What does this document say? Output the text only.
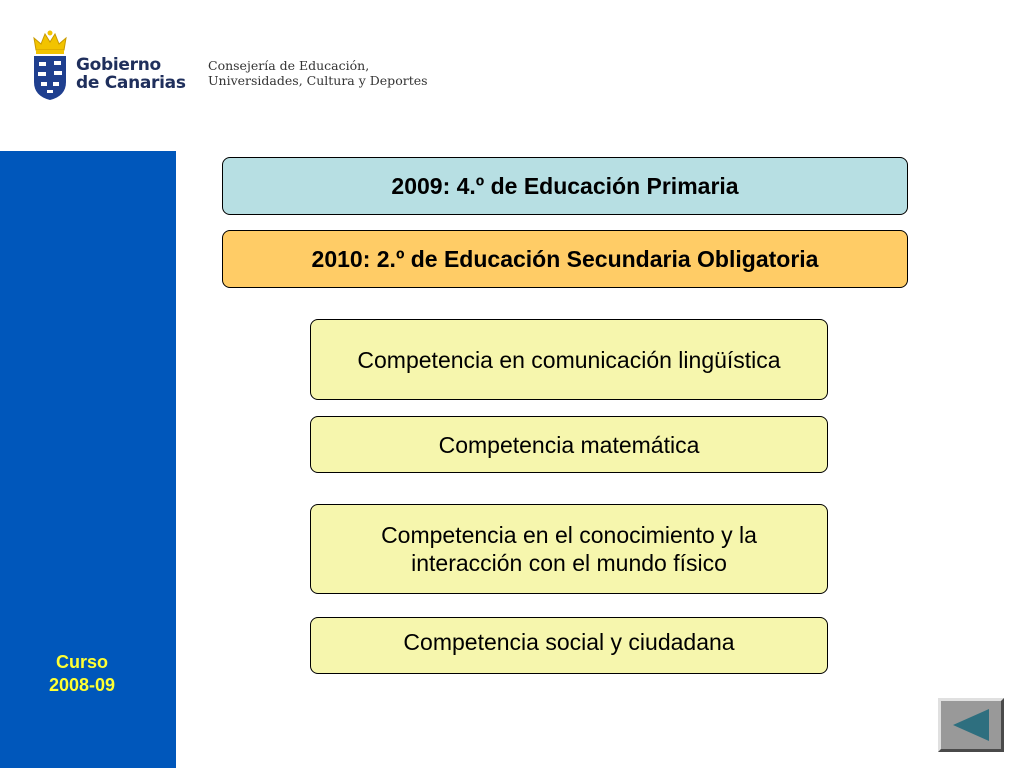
Gobierno
de Canarias
Consejería de Educación,
Universidades, Cultura y Deportes
Curso
2008-09
2009: 4.º de Educación Primaria
2010: 2.º de Educación Secundaria Obligatoria
Competencia en comunicación lingüística
Competencia matemática
Competencia en el conocimiento y la interacción con el mundo físico
Competencia social y ciudadana
